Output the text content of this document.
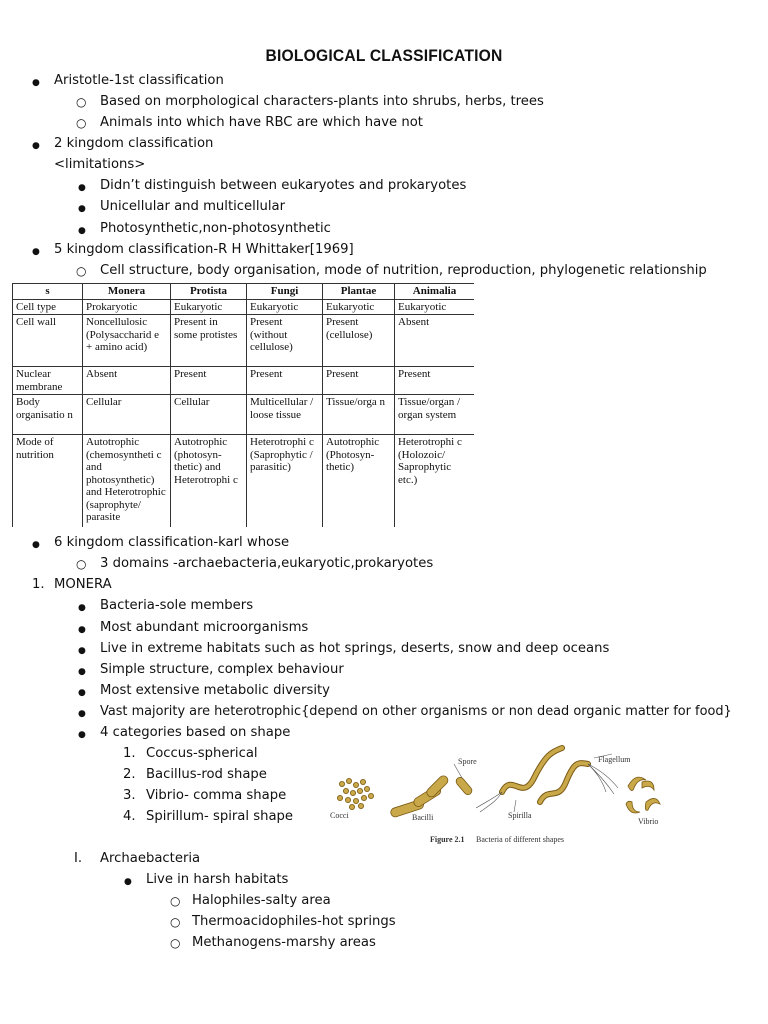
BIOLOGICAL CLASSIFICATION
●
Aristotle-1st classification
○
Based on morphological characters-plants into shrubs, herbs, trees
○
Animals into which have RBC are which have not
●
2 kingdom classification
<limitations>
●
Didn’t distinguish between eukaryotes and prokaryotes
●
Unicellular and multicellular
●
Photosynthetic,non-photosynthetic
●
5 kingdom classification-R H Whittaker[1969]
○
Cell structure, body organisation, mode of nutrition, reproduction, phylogenetic relationship
s	Monera	Protista	Fungi	Plantae	Animalia
Cell type	Prokaryotic	Eukaryotic	Eukaryotic	Eukaryotic	Eukaryotic
Cell wall	Noncellulosic (Polysaccharid e + amino acid)	Present in some protistes	Present (without cellulose)	Present (cellulose)	Absent
Nuclear membrane	Absent	Present	Present	Present	Present
Body organisatio n	Cellular	Cellular	Multicellular / loose tissue	Tissue/orga n	Tissue/organ / organ system
Mode of nutrition	Autotrophic (chemosyntheti c and photosynthetic) and Heterotrophic (saprophyte/ parasite	Autotrophic (photosyn- thetic) and Heterotrophi c	Heterotrophi c (Saprophytic / parasitic)	Autotrophic (Photosyn- thetic)	Heterotrophi c (Holozoic/ Saprophytic etc.)
●
6 kingdom classification-karl whose
○
3 domains -archaebacteria,eukaryotic,prokaryotes
1. MONERA
●
Bacteria-sole members
●
Most abundant microorganisms
●
Live in extreme habitats such as hot springs, deserts, snow and deep oceans
●
Simple structure, complex behaviour
●
Most extensive metabolic diversity
●
Vast majority are heterotrophic{depend on other organisms or non dead organic matter for food}
●
4 categories based on shape
1. Coccus-spherical
2. Bacillus-rod shape
3. Vibrio- comma shape
4. Spirillum- spiral shape	Cocci	Bacilli
Spore
Spirilla
Flagellum
Vibrio
Figure 2.1 Bacteria of different shapes
I. Archaebacteria
●
Live in harsh habitats
○
Halophiles-salty area
○
Thermoacidophiles-hot springs
○
Methanogens-marshy areas
